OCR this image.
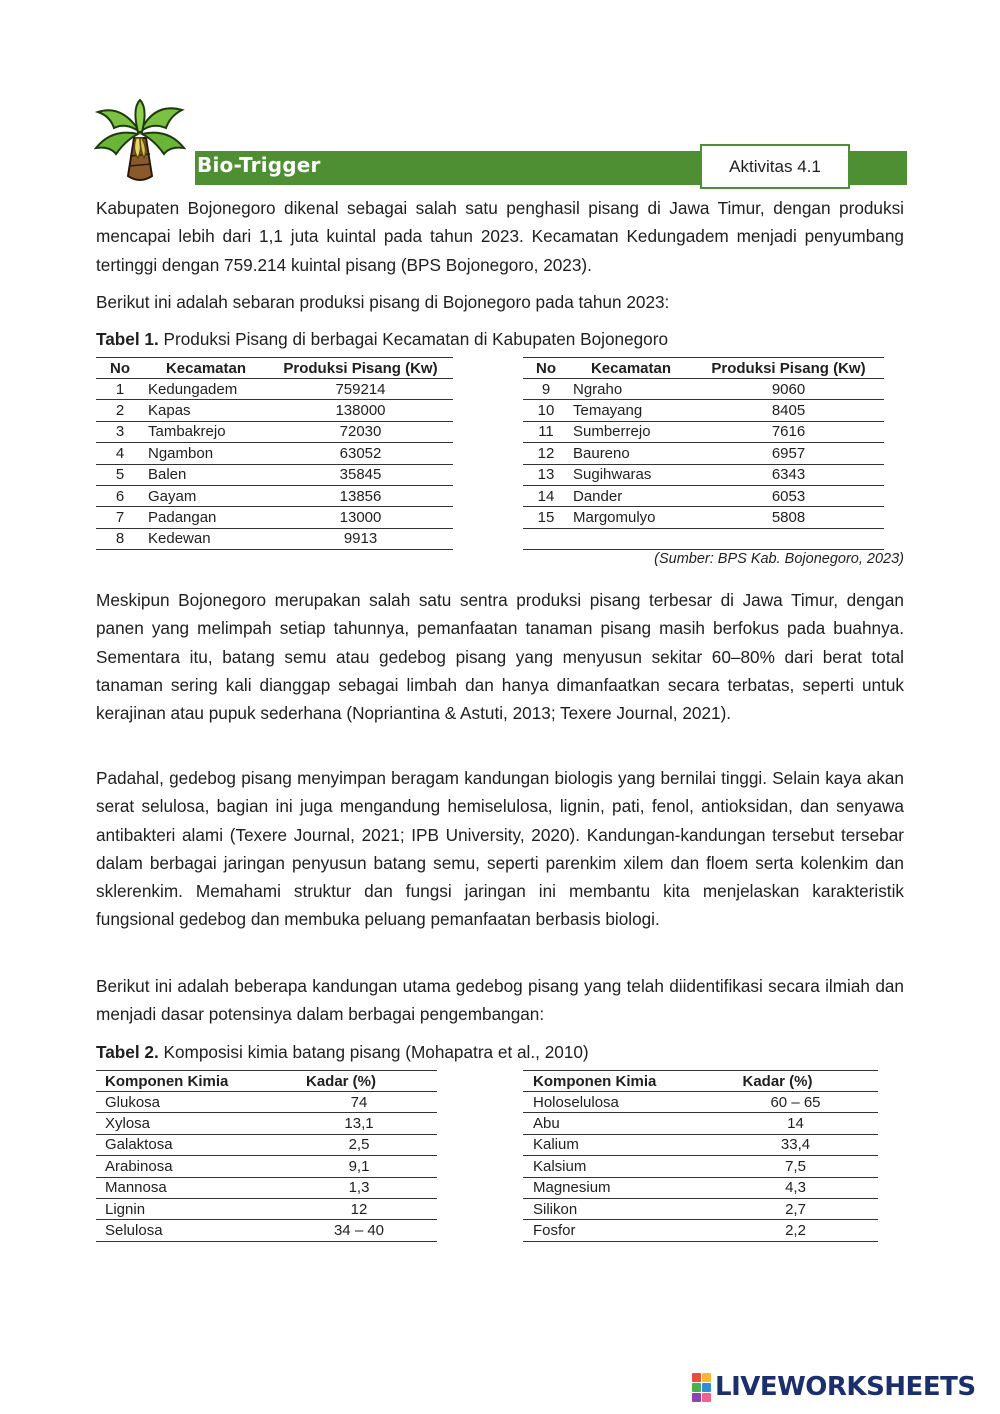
Bio-Trigger	Aktivitas 4.1

Kabupaten Bojonegoro dikenal sebagai salah satu penghasil pisang di Jawa Timur, dengan produksi mencapai lebih dari 1,1 juta kuintal pada tahun 2023. Kecamatan Kedungadem menjadi penyumbang tertinggi dengan 759.214 kuintal pisang (BPS Bojonegoro, 2023).

Berikut ini adalah sebaran produksi pisang di Bojonegoro pada tahun 2023:

Tabel 1. Produksi Pisang di berbagai Kecamatan di Kabupaten Bojonegoro
No	Kecamatan	Produksi Pisang (Kw)
1	Kedungadem	759214
2	Kapas	138000
3	Tambakrejo	72030
4	Ngambon	63052
5	Balen	35845
6	Gayam	13856
7	Padangan	13000
8	Kedewan	9913
No	Kecamatan	Produksi Pisang (Kw)
9	Ngraho	9060
10	Temayang	8405
11	Sumberrejo	7616
12	Baureno	6957
13	Sugihwaras	6343
14	Dander	6053
15	Margomulyo	5808

(Sumber: BPS Kab. Bojonegoro, 2023)

Meskipun Bojonegoro merupakan salah satu sentra produksi pisang terbesar di Jawa Timur, dengan panen yang melimpah setiap tahunnya, pemanfaatan tanaman pisang masih berfokus pada buahnya. Sementara itu, batang semu atau gedebog pisang yang menyusun sekitar 60–80% dari berat total tanaman sering kali dianggap sebagai limbah dan hanya dimanfaatkan secara terbatas, seperti untuk kerajinan atau pupuk sederhana (Nopriantina & Astuti, 2013; Texere Journal, 2021).

Padahal, gedebog pisang menyimpan beragam kandungan biologis yang bernilai tinggi. Selain kaya akan serat selulosa, bagian ini juga mengandung hemiselulosa, lignin, pati, fenol, antioksidan, dan senyawa antibakteri alami (Texere Journal, 2021; IPB University, 2020). Kandungan-kandungan tersebut tersebar dalam berbagai jaringan penyusun batang semu, seperti parenkim xilem dan floem serta kolenkim dan sklerenkim. Memahami struktur dan fungsi jaringan ini membantu kita menjelaskan karakteristik fungsional gedebog dan membuka peluang pemanfaatan berbasis biologi.

Berikut ini adalah beberapa kandungan utama gedebog pisang yang telah diidentifikasi secara ilmiah dan menjadi dasar potensinya dalam berbagai pengembangan:

Tabel 2. Komposisi kimia batang pisang (Mohapatra et al., 2010)
Komponen Kimia	Kadar (%)
Glukosa	74
Xylosa	13,1
Galaktosa	2,5
Arabinosa	9,1
Mannosa	1,3
Lignin	12
Selulosa	34 – 40
Komponen Kimia	Kadar (%)
Holoselulosa	60 – 65
Abu	14
Kalium	33,4
Kalsium	7,5
Magnesium	4,3
Silikon	2,7
Fosfor	2,2
LIVEWORKSHEETS
